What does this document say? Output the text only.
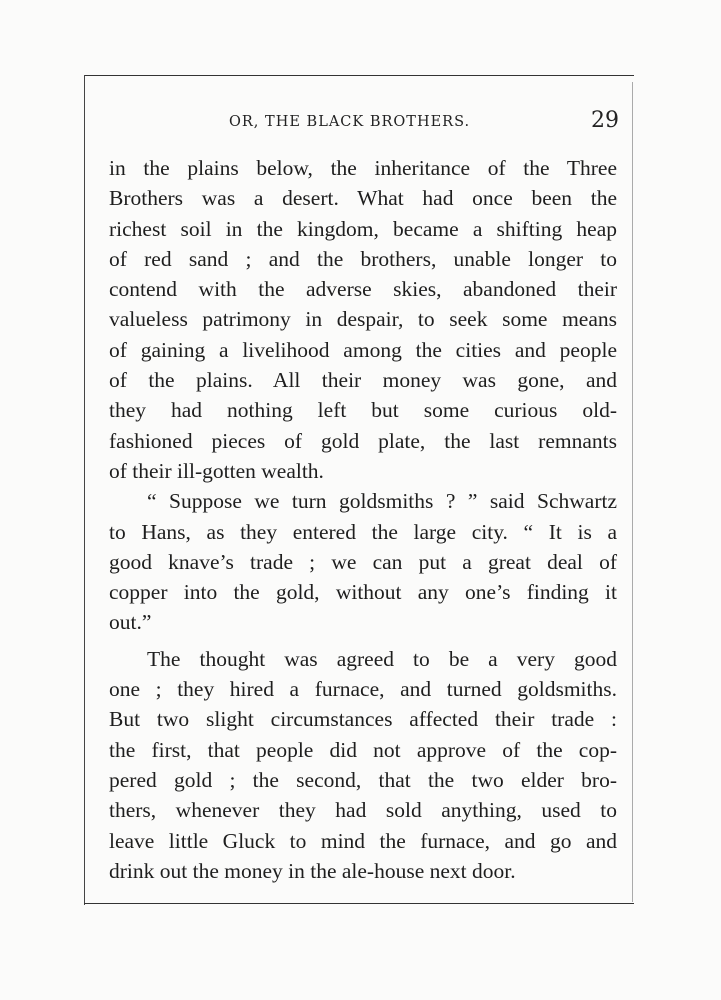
OR, THE BLACK BROTHERS.	29
in the plains below, the inheritance of the Three
Brothers was a desert. What had once been the
richest soil in the kingdom, became a shifting heap
of red sand ; and the brothers, unable longer to
contend with the adverse skies, abandoned their
valueless patrimony in despair, to seek some means
of gaining a livelihood among the cities and people
of the plains. All their money was gone, and
they had nothing left but some curious old-
fashioned pieces of gold plate, the last remnants
of their ill-gotten wealth.
“ Suppose we turn goldsmiths ? ” said Schwartz
to Hans, as they entered the large city. “ It is a
good knave’s trade ; we can put a great deal of
copper into the gold, without any one’s finding it
out.”
The thought was agreed to be a very good
one ; they hired a furnace, and turned goldsmiths.
But two slight circumstances affected their trade :
the first, that people did not approve of the cop-
pered gold ; the second, that the two elder bro-
thers, whenever they had sold anything, used to
leave little Gluck to mind the furnace, and go and
drink out the money in the ale-house next door.
